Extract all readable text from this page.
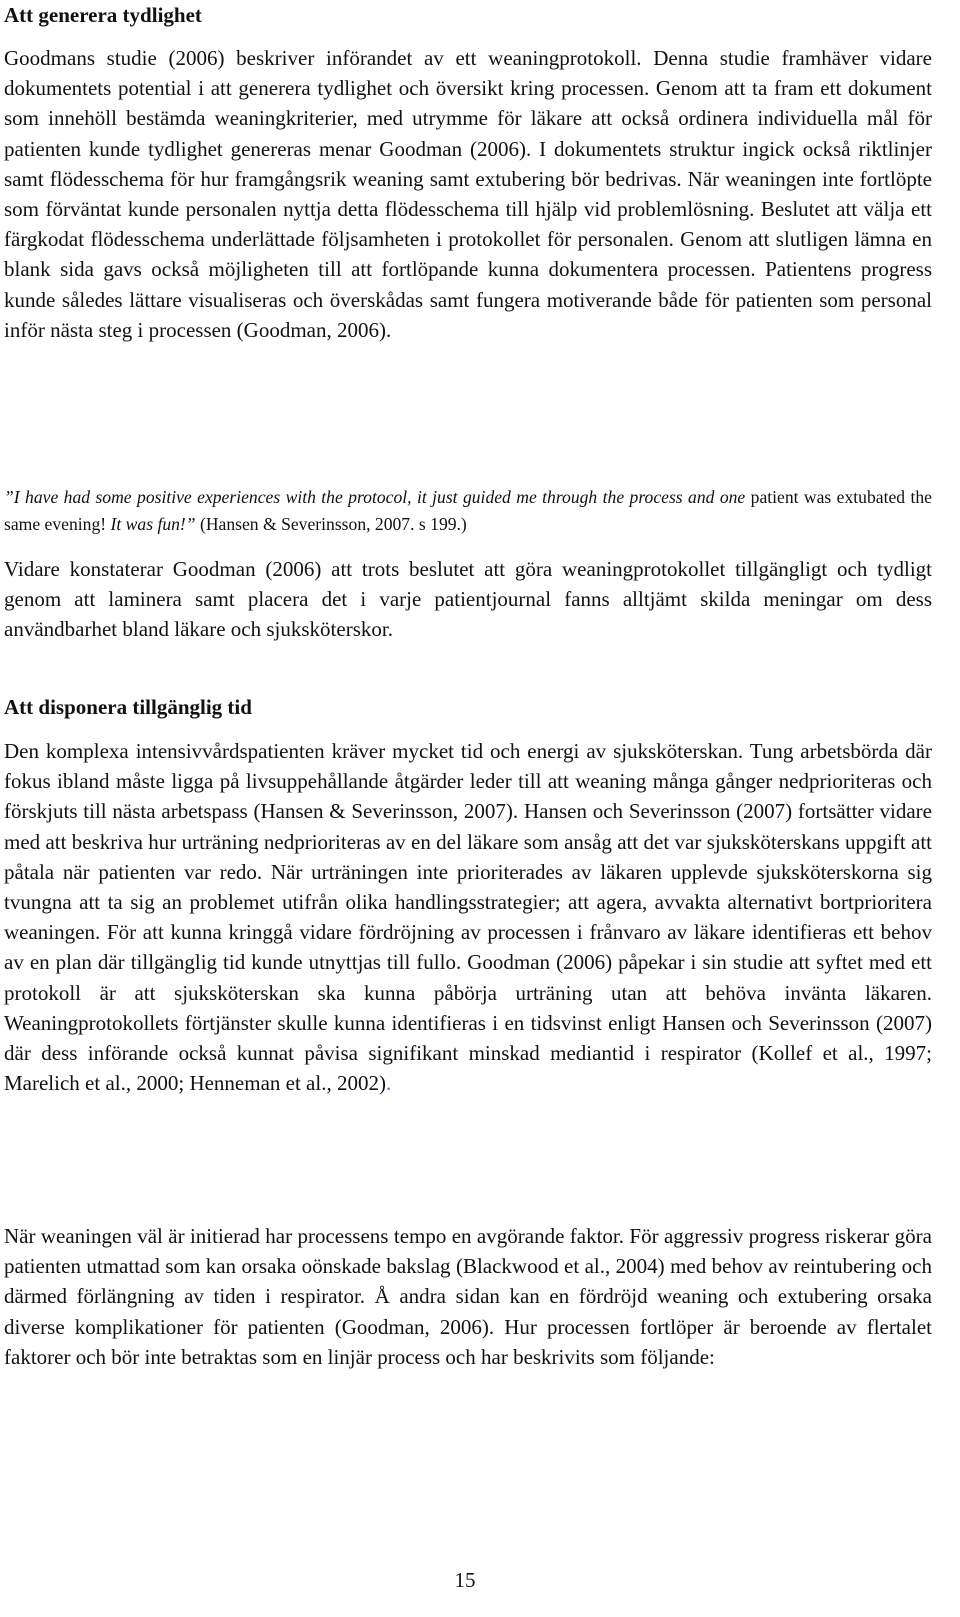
Att generera tydlighet

Goodmans studie (2006) beskriver införandet av ett weaningprotokoll. Denna studie framhäver vidare dokumentets potential i att generera tydlighet och översikt kring processen. Genom att ta fram ett dokument som innehöll bestämda weaningkriterier, med utrymme för läkare att också ordinera individuella mål för patienten kunde tydlighet genereras menar Goodman (2006). I dokumentets struktur ingick också riktlinjer samt flödesschema för hur framgångsrik weaning samt extubering bör bedrivas. När weaningen inte fortlöpte som förväntat kunde personalen nyttja detta flödesschema till hjälp vid problemlösning. Beslutet att välja ett färgkodat flödesschema underlättade följsamheten i protokollet för personalen. Genom att slutligen lämna en blank sida gavs också möjligheten till att fortlöpande kunna dokumentera processen. Patientens progress kunde således lättare visualiseras och överskådas samt fungera motiverande både för patienten som personal inför nästa steg i processen (Goodman, 2006).

”I have had some positive experiences with the protocol, it just guided me through the process and one patient was extubated the same evening! It was fun!” (Hansen & Severinsson, 2007. s 199.)

Vidare konstaterar Goodman (2006) att trots beslutet att göra weaningprotokollet tillgängligt och tydligt genom att laminera samt placera det i varje patientjournal fanns alltjämt skilda meningar om dess användbarhet bland läkare och sjuksköterskor.

Att disponera tillgänglig tid

Den komplexa intensivvårdspatienten kräver mycket tid och energi av sjuksköterskan. Tung arbetsbörda där fokus ibland måste ligga på livsuppehållande åtgärder leder till att weaning många gånger nedprioriteras och förskjuts till nästa arbetspass (Hansen & Severinsson, 2007). Hansen och Severinsson (2007) fortsätter vidare med att beskriva hur urträning nedprioriteras av en del läkare som ansåg att det var sjuksköterskans uppgift att påtala när patienten var redo. När urträningen inte prioriterades av läkaren upplevde sjuksköterskorna sig tvungna att ta sig an problemet utifrån olika handlingsstrategier; att agera, avvakta alternativt bortprioritera weaningen. För att kunna kringgå vidare fördröjning av processen i frånvaro av läkare identifieras ett behov av en plan där tillgänglig tid kunde utnyttjas till fullo. Goodman (2006) påpekar i sin studie att syftet med ett protokoll är att sjuksköterskan ska kunna påbörja urträning utan att behöva invänta läkaren. Weaningprotokollets förtjänster skulle kunna identifieras i en tidsvinst enligt Hansen och Severinsson (2007) där dess införande också kunnat påvisa signifikant minskad mediantid i respirator (Kollef et al., 1997; Marelich et al., 2000; Henneman et al., 2002).

När weaningen väl är initierad har processens tempo en avgörande faktor. För aggressiv progress riskerar göra patienten utmattad som kan orsaka oönskade bakslag (Blackwood et al., 2004) med behov av reintubering och därmed förlängning av tiden i respirator. Å andra sidan kan en fördröjd weaning och extubering orsaka diverse komplikationer för patienten (Goodman, 2006). Hur processen fortlöper är beroende av flertalet faktorer och bör inte betraktas som en linjär process och har beskrivits som följande:

15
